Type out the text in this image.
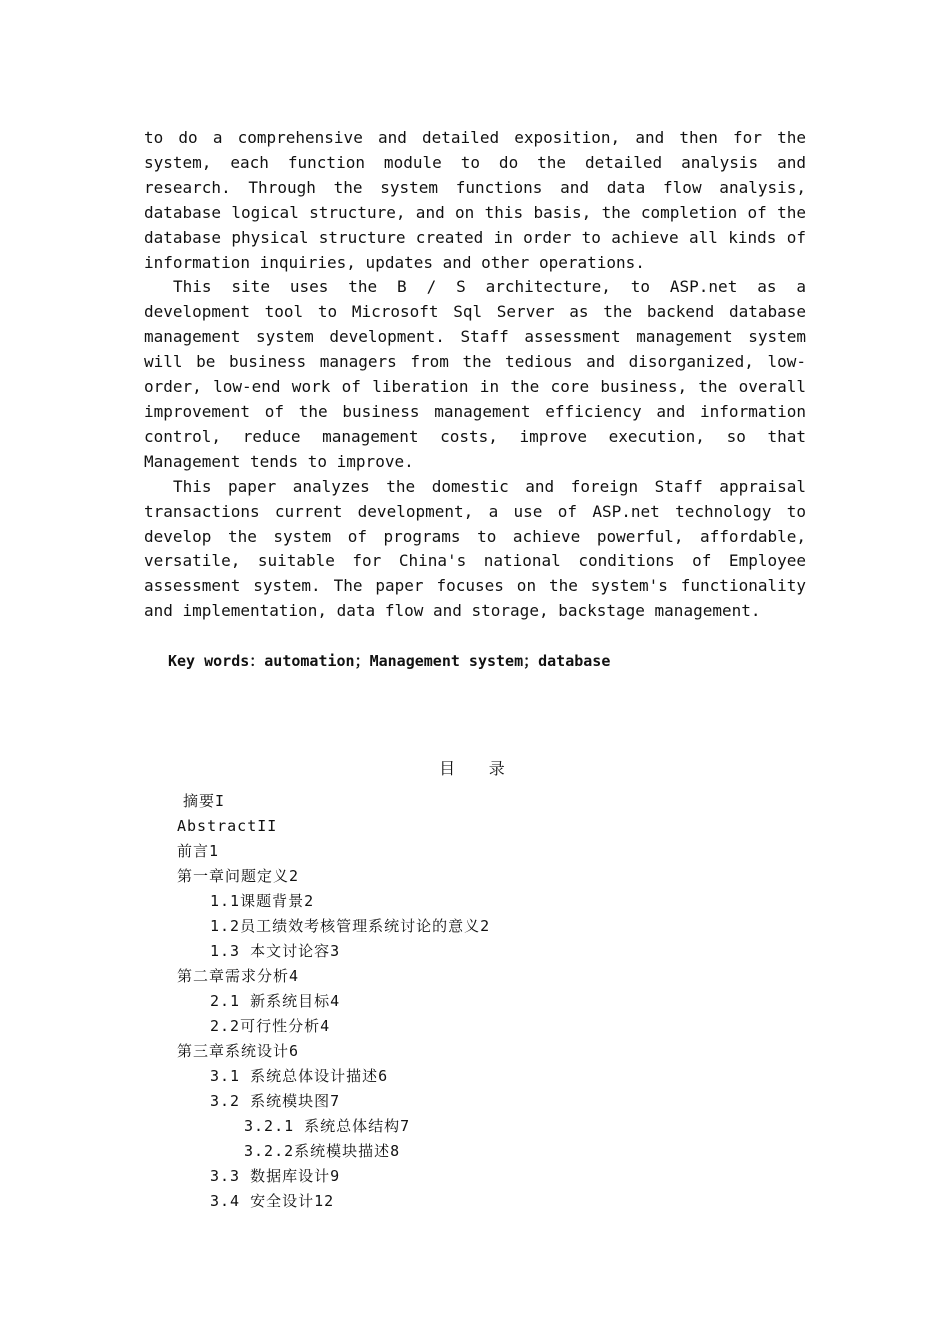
to do a comprehensive and detailed exposition, and then for the system, each function module to do the detailed analysis and research. Through the system functions and data flow analysis, database logical structure, and on this basis, the completion of the database physical structure created in order to achieve all kinds of information inquiries, updates and other operations.

This site uses the B / S architecture, to ASP.net as a development tool to Microsoft Sql Server as the backend database management system development. Staff assessment management system will be business managers from the tedious and disorganized, low-order, low-end work of liberation in the core business, the overall improvement of the business management efficiency and information control, reduce management costs, improve execution, so that Management tends to improve.

This paper analyzes the domestic and foreign Staff appraisal transactions current development, a use of ASP.net technology to develop the system of programs to achieve powerful, affordable, versatile, suitable for China's national conditions of Employee assessment system. The paper focuses on the system's functionality and implementation, data flow and storage, backstage management.

Key words：automation；Management system；database
目 录
摘要I
AbstractII
前言1
第一章问题定义2
1.1课题背景2
1.2员工绩效考核管理系统讨论的意义2
1.3 本文讨论容3
第二章需求分析4
2.1 新系统目标4
2.2可行性分析4
第三章系统设计6
3.1 系统总体设计描述6
3.2 系统模块图7
3.2.1 系统总体结构7
3.2.2系统模块描述8
3.3 数据库设计9
3.4 安全设计12
